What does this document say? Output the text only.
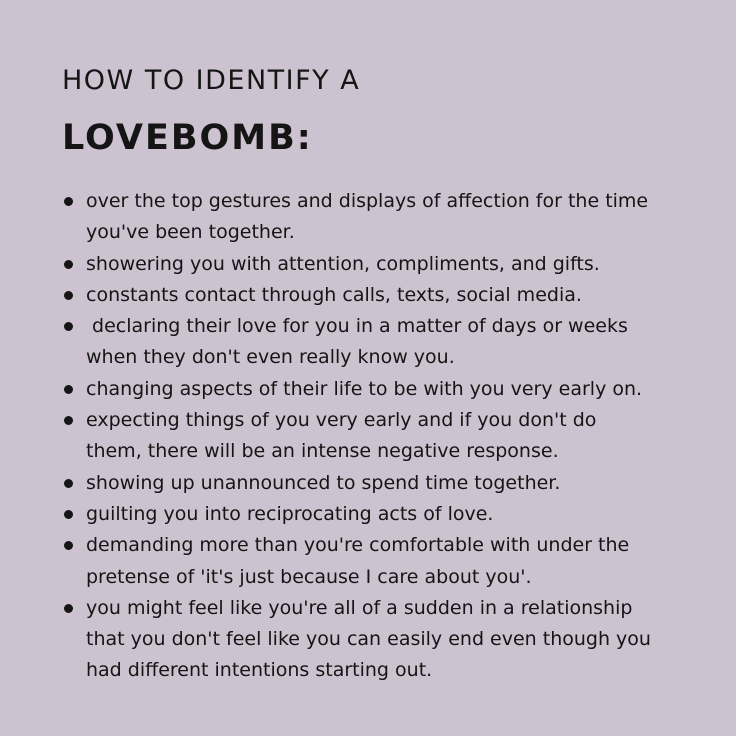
HOW TO IDENTIFY A
LOVEBOMB:
over the top gestures and displays of affection for the time
you've been together.
showering you with attention, compliments, and gifts.
constants contact through calls, texts, social media.
declaring their love for you in a matter of days or weeks
when they don't even really know you.
changing aspects of their life to be with you very early on.
expecting things of you very early and if you don't do
them, there will be an intense negative response.
showing up unannounced to spend time together.
guilting you into reciprocating acts of love.
demanding more than you're comfortable with under the
pretense of 'it's just because I care about you'.
you might feel like you're all of a sudden in a relationship
that you don't feel like you can easily end even though you
had different intentions starting out.
